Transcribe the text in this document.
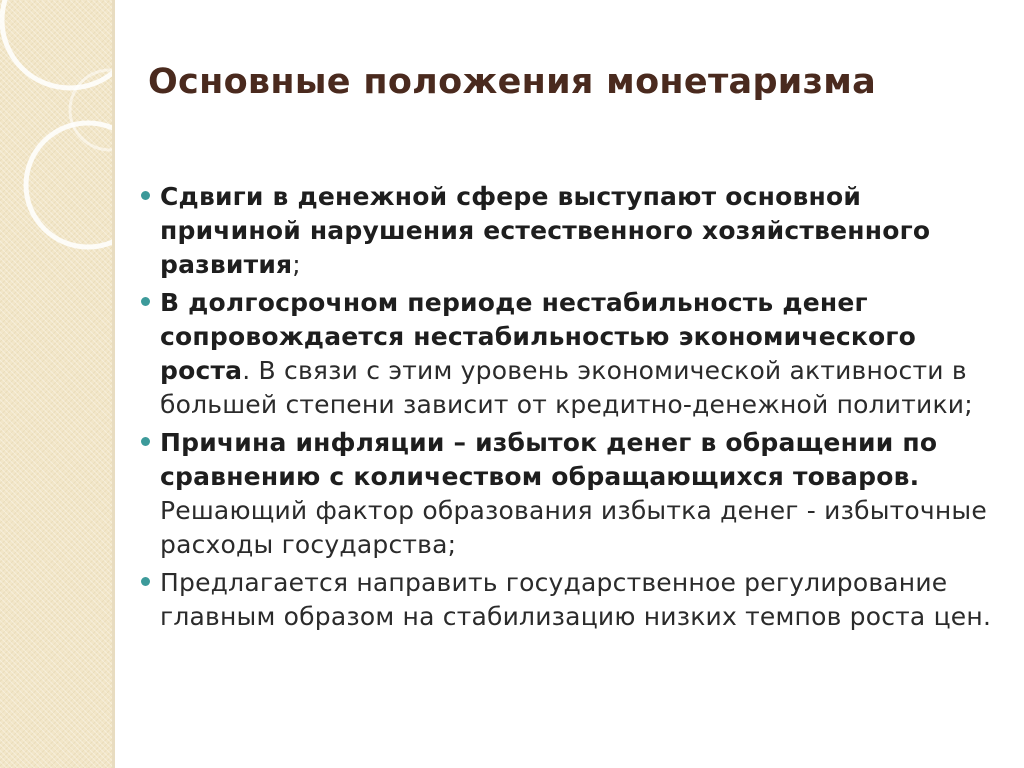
Основные положения монетаризма
Сдвиги в денежной сфере выступают основной причиной нарушения естественного хозяйственного развития;
В долгосрочном периоде нестабильность денег сопровождается нестабильностью экономического роста. В связи с этим уровень экономической активности в большей степени зависит от кредитно-денежной политики;
Причина инфляции – избыток денег в обращении по сравнению с количеством обращающихся товаров. Решающий фактор образования избытка денег - избыточные расходы государства;
Предлагается направить государственное регулирование главным образом на стабилизацию низких темпов роста цен.
